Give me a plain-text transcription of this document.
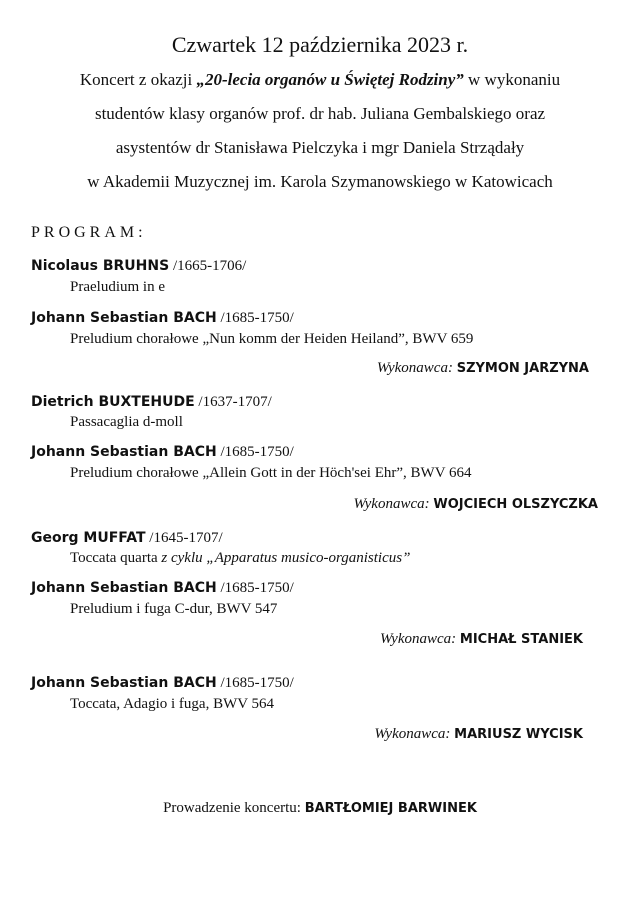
Czwartek 12 października 2023 r.
Koncert z okazji „20-lecia organów u Świętej Rodziny” w wykonaniu
studentów klasy organów prof. dr hab. Juliana Gembalskiego oraz
asystentów dr Stanisława Pielczyka i mgr Daniela Strządały
w Akademii Muzycznej im. Karola Szymanowskiego w Katowicach
PROGRAM:
Nicolaus BRUHNS /1665-1706/
Praeludium in e
Johann Sebastian BACH /1685-1750/
Preludium chorałowe „Nun komm der Heiden Heiland”, BWV 659
Wykonawca: SZYMON JARZYNA
Dietrich BUXTEHUDE /1637-1707/
Passacaglia d-moll
Johann Sebastian BACH /1685-1750/
Preludium chorałowe „Allein Gott in der Höch'sei Ehr”, BWV 664
Wykonawca: WOJCIECH OLSZYCZKA
Georg MUFFAT /1645-1707/
Toccata quarta z cyklu „Apparatus musico-organisticus”
Johann Sebastian BACH /1685-1750/
Preludium i fuga C-dur, BWV 547
Wykonawca: MICHAŁ STANIEK
Johann Sebastian BACH /1685-1750/
Toccata, Adagio i fuga, BWV 564
Wykonawca: MARIUSZ WYCISK
Prowadzenie koncertu: BARTŁOMIEJ BARWINEK
